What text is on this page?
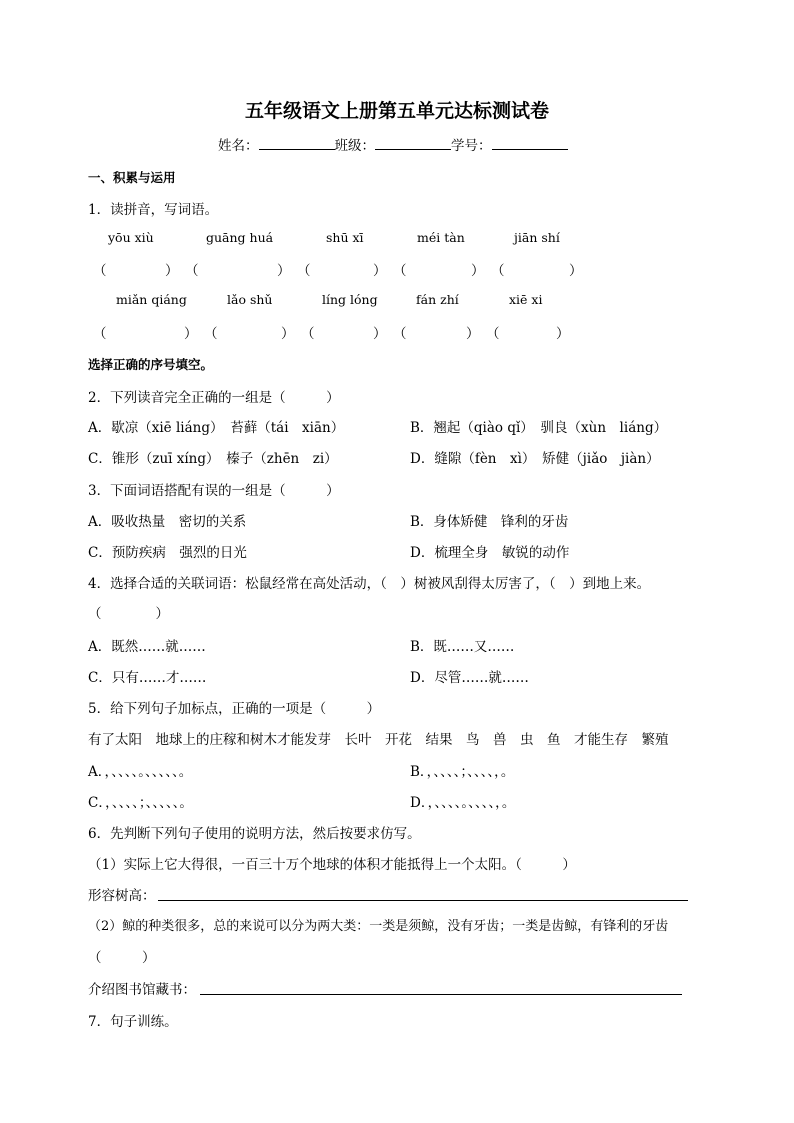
五年级语文上册第五单元达标测试卷
姓名：	班级：	学号：
一、积累与运用
1．读拼音，写词语。
yōu xiù	guāng huá	shū xī	méi tàn	jiān shí
（	） （	） （	） （	） （	）
miǎn qiáng	lǎo shǔ	líng lóng	fán zhí	xiē xi
（	） （	） （	） （	） （	）
选择正确的序号填空。
2．下列读音完全正确的一组是（　　　）
A．歇凉（xiē liáng）　苔藓（tái　xiān）	B．翘起（qiào qǐ）　驯良（xùn　liáng）
C．锥形（zuī xíng）　榛子（zhēn　zi）	D．缝隙（fèn　xì）　矫健（jiǎo　jiàn）
3．下面词语搭配有误的一组是（　　　）
A．吸收热量　密切的关系	B．身体矫健　锋利的牙齿
C．预防疾病　强烈的日光	D．梳理全身　敏锐的动作
4．选择合适的关联词语：松鼠经常在高处活动，（　）树被风刮得太厉害了，（　）到地上来。
（　　　　）
A．既然……就……	B．既……又……
C．只有……才……	D．尽管……就……
5．给下列句子加标点，正确的一项是（　　　）
有了太阳　地球上的庄稼和树木才能发芽　长叶　开花　结果　鸟　兽　虫　鱼　才能生存　繁殖
A．，、、、、。、、、、、。	B．，、、、、；、、、、，。
C．，、、、、；、、、、、。	D．，、、、、。、、、、，。
6．先判断下列句子使用的说明方法，然后按要求仿写。
（1）实际上它大得很，一百三十万个地球的体积才能抵得上一个太阳。（　　　）
形容树高：
（2）鲸的种类很多，总的来说可以分为两大类：一类是须鲸，没有牙齿；一类是齿鲸，有锋利的牙齿
（　　　）
介绍图书馆藏书：
7．句子训练。
